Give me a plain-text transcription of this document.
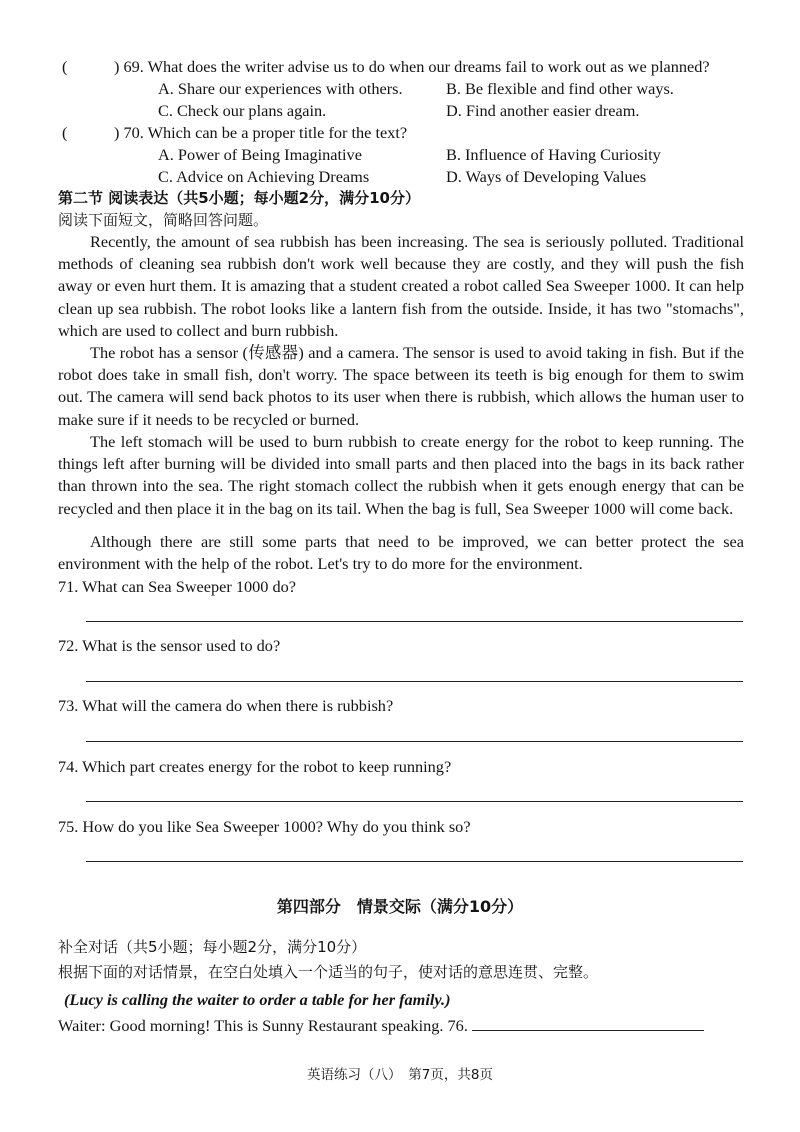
(	) 69. What does the writer advise us to do when our dreams fail to work out as we planned?
A. Share our experiences with others.	B. Be flexible and find other ways.
C. Check our plans again.	D. Find another easier dream.
(	) 70. Which can be a proper title for the text?
A. Power of Being Imaginative	B. Influence of Having Curiosity
C. Advice on Achieving Dreams	D. Ways of Developing Values
第二节 阅读表达（共5小题；每小题2分，满分10分）
阅读下面短文，简略回答问题。
Recently, the amount of sea rubbish has been increasing. The sea is seriously polluted. Traditional methods of cleaning sea rubbish don't work well because they are costly, and they will push the fish away or even hurt them. It is amazing that a student created a robot called Sea Sweeper 1000. It can help clean up sea rubbish. The robot looks like a lantern fish from the outside. Inside, it has two "stomachs", which are used to collect and burn rubbish.
The robot has a sensor (传感器) and a camera. The sensor is used to avoid taking in fish. But if the robot does take in small fish, don't worry. The space between its teeth is big enough for them to swim out. The camera will send back photos to its user when there is rubbish, which allows the human user to make sure if it needs to be recycled or burned.
The left stomach will be used to burn rubbish to create energy for the robot to keep running. The things left after burning will be divided into small parts and then placed into the bags in its back rather than thrown into the sea. The right stomach collect the rubbish when it gets enough energy that can be recycled and then place it in the bag on its tail. When the bag is full, Sea Sweeper 1000 will come back.
Although there are still some parts that need to be improved, we can better protect the sea environment with the help of the robot. Let's try to do more for the environment.
71. What can Sea Sweeper 1000 do?
72. What is the sensor used to do?
73. What will the camera do when there is rubbish?
74. Which part creates energy for the robot to keep running?
75. How do you like Sea Sweeper 1000? Why do you think so?
第四部分　情景交际（满分10分）
补全对话（共5小题；每小题2分，满分10分）
根据下面的对话情景，在空白处填入一个适当的句子，使对话的意思连贯、完整。
(Lucy is calling the waiter to order a table for her family.)
Waiter: Good morning! This is Sunny Restaurant speaking. 76.
英语练习（八）　第7页，共8页
